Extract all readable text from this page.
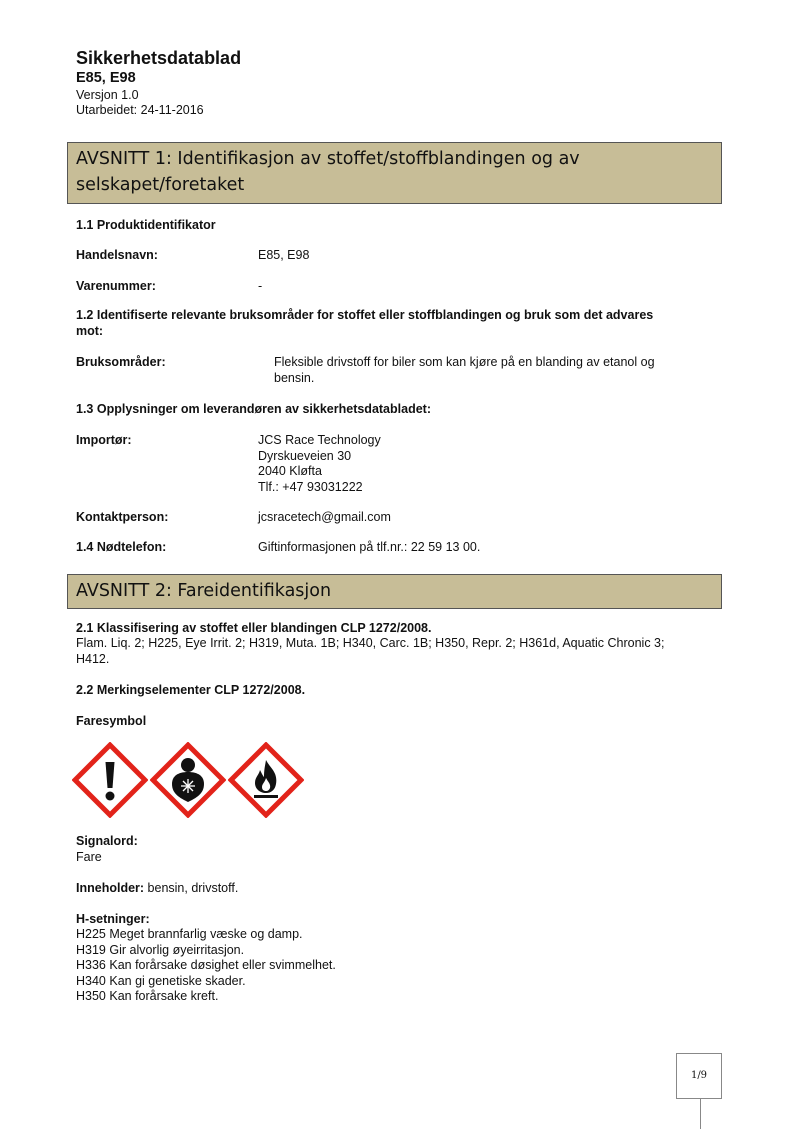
Sikkerhetsdatablad
E85, E98
Versjon 1.0
Utarbeidet: 24-11-2016
AVSNITT 1: Identifikasjon av stoffet/stoffblandingen og av
selskapet/foretaket
1.1 Produktidentifikator
Handelsnavn:	E85, E98
Varenummer:	-
1.2 Identifiserte relevante bruksområder for stoffet eller stoffblandingen og bruk som det advares
mot:
Bruksområder:	Fleksible drivstoff for biler som kan kjøre på en blanding av etanol og
bensin.
1.3 Opplysninger om leverandøren av sikkerhetsdatabladet:
Importør:	JCS Race Technology
Dyrskueveien 30
2040 Kløfta
Tlf.: +47 93031222
Kontaktperson:	jcsracetech@gmail.com
1.4 Nødtelefon:	Giftinformasjonen på tlf.nr.: 22 59 13 00.
AVSNITT 2: Fareidentifikasjon
2.1 Klassifisering av stoffet eller blandingen CLP 1272/2008.
Flam. Liq. 2; H225, Eye Irrit. 2; H319, Muta. 1B; H340, Carc. 1B; H350, Repr. 2; H361d, Aquatic Chronic 3;
H412.
2.2 Merkingselementer CLP 1272/2008.
Faresymbol
Signalord:
Fare
Inneholder: bensin, drivstoff.
H-setninger:
H225 Meget brannfarlig væske og damp.
H319 Gir alvorlig øyeirritasjon.
H336 Kan forårsake døsighet eller svimmelhet.
H340 Kan gi genetiske skader.
H350 Kan forårsake kreft.
1/9
